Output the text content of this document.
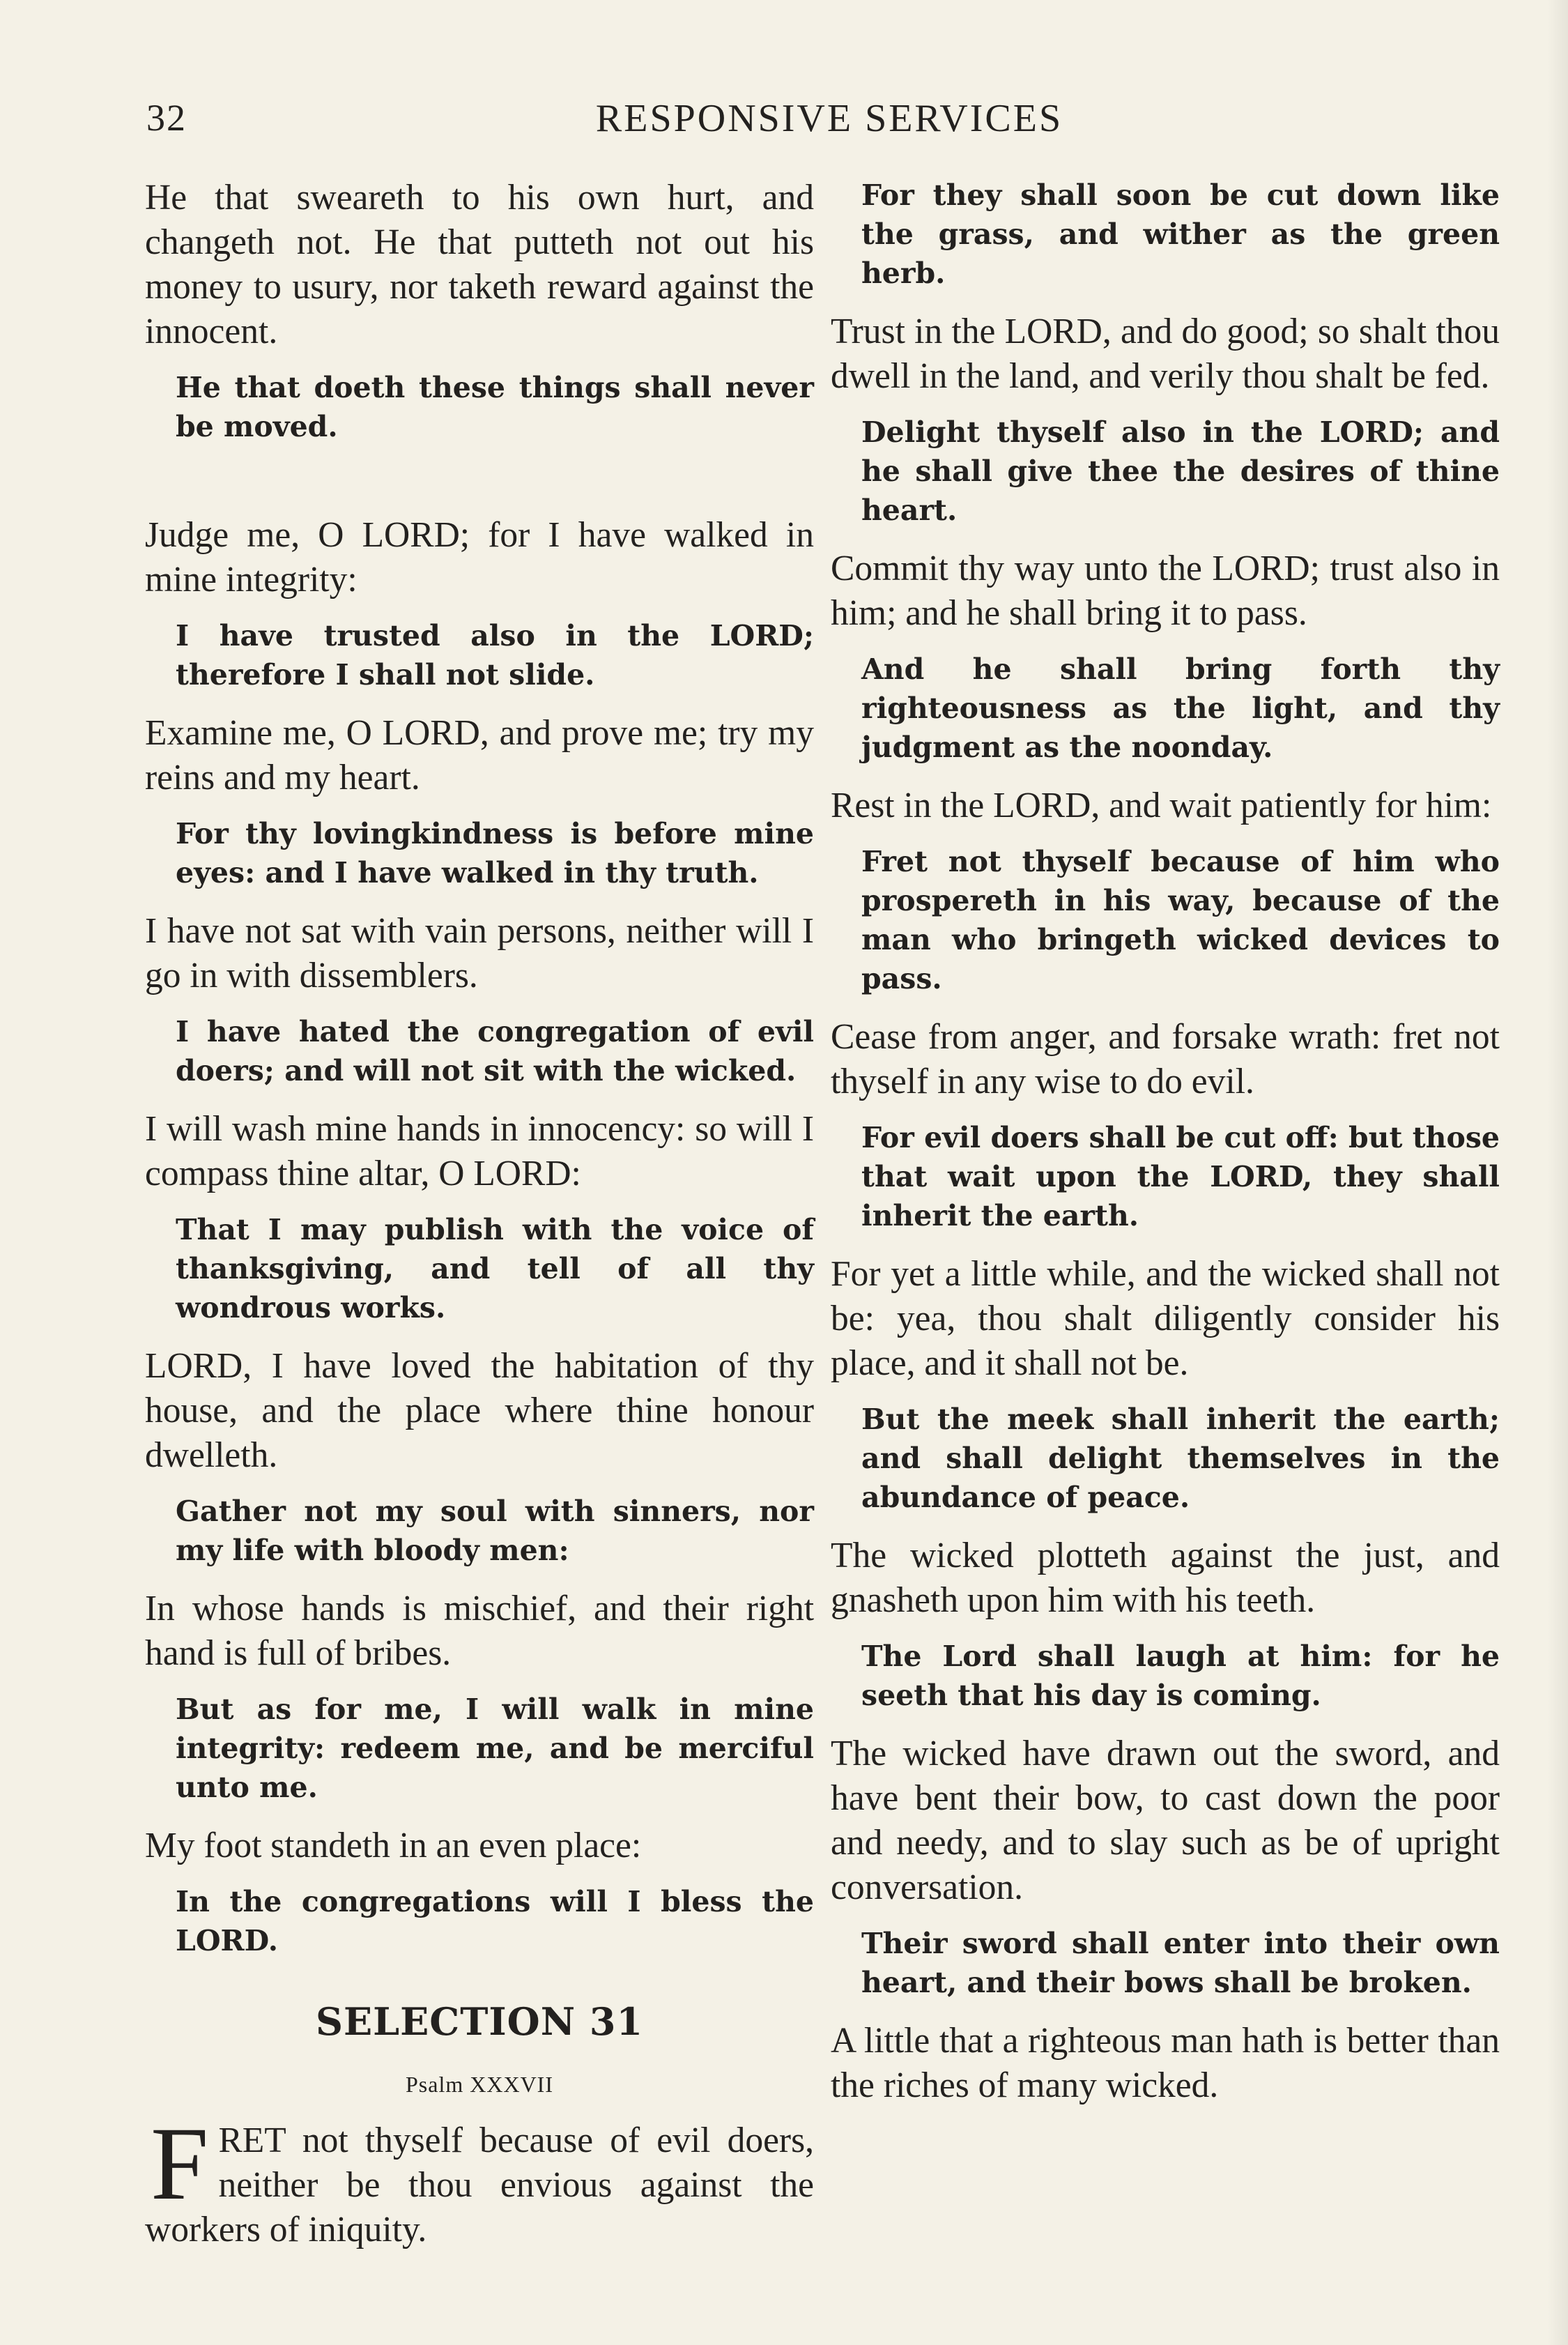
32	RESPONSIVE SERVICES

He that sweareth to his own hurt, and changeth not. He that putteth not out his money to usury, nor taketh reward against the innocent.

He that doeth these things shall never be moved.

Judge me, O LORD; for I have walked in mine integrity:

I have trusted also in the LORD; therefore I shall not slide.

Examine me, O LORD, and prove me; try my reins and my heart.

For thy lovingkindness is before mine eyes: and I have walked in thy truth.

I have not sat with vain persons, neither will I go in with dissemblers.

I have hated the congregation of evil doers; and will not sit with the wicked.

I will wash mine hands in innocency: so will I compass thine altar, O LORD:

That I may publish with the voice of thanksgiving, and tell of all thy wondrous works.

LORD, I have loved the habitation of thy house, and the place where thine honour dwelleth.

Gather not my soul with sinners, nor my life with bloody men:

In whose hands is mischief, and their right hand is full of bribes.

But as for me, I will walk in mine integrity: redeem me, and be merciful unto me.

My foot standeth in an even place:

In the congregations will I bless the LORD.

SELECTION 31
Psalm XXXVII

FRET not thyself because of evil doers, neither be thou envious against the workers of iniquity.

For they shall soon be cut down like the grass, and wither as the green herb.

Trust in the LORD, and do good; so shalt thou dwell in the land, and verily thou shalt be fed.

Delight thyself also in the LORD; and he shall give thee the desires of thine heart.

Commit thy way unto the LORD; trust also in him; and he shall bring it to pass.

And he shall bring forth thy righteousness as the light, and thy judgment as the noonday.

Rest in the LORD, and wait patiently for him:

Fret not thyself because of him who prospereth in his way, because of the man who bringeth wicked devices to pass.

Cease from anger, and forsake wrath: fret not thyself in any wise to do evil.

For evil doers shall be cut off: but those that wait upon the LORD, they shall inherit the earth.

For yet a little while, and the wicked shall not be: yea, thou shalt diligently consider his place, and it shall not be.

But the meek shall inherit the earth; and shall delight themselves in the abundance of peace.

The wicked plotteth against the just, and gnasheth upon him with his teeth.

The Lord shall laugh at him: for he seeth that his day is coming.

The wicked have drawn out the sword, and have bent their bow, to cast down the poor and needy, and to slay such as be of upright conversation.

Their sword shall enter into their own heart, and their bows shall be broken.

A little that a righteous man hath is better than the riches of many wicked.
